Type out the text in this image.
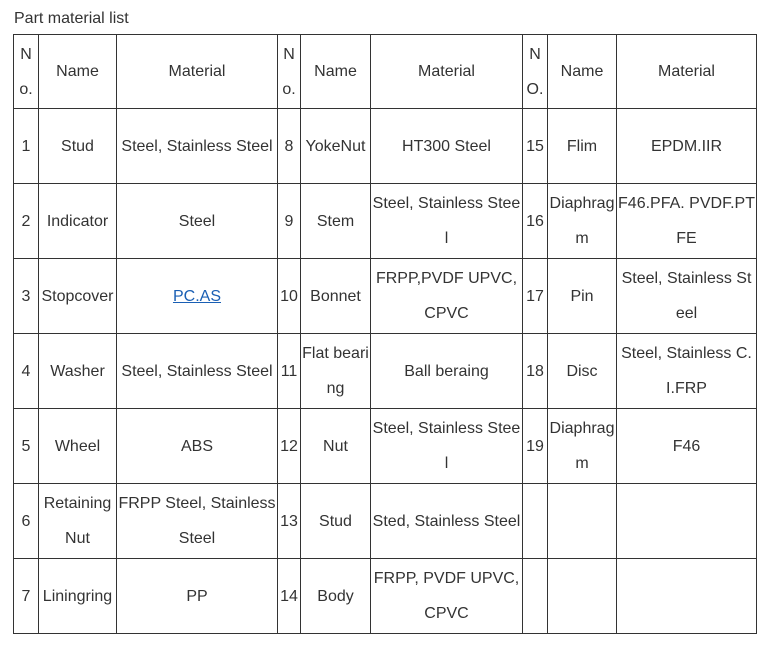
Part material list
No.	Name	Material	No.	Name	Material	NO.	Name	Material
1	Stud	Steel, Stainless Steel	8	YokeNut	HT300 Steel	15	Flim	EPDM.IIR
2	Indicator	Steel	9	Stem	Steel, Stainless Steel	16	Diaphragm	F46.PFA. PVDF.PTFE
3	Stopcover	PC.AS	10	Bonnet	FRPP,PVDF UPVC,CPVC	17	Pin	Steel, Stainless Steel
4	Washer	Steel, Stainless Steel	11	Flat bearing	Ball beraing	18	Disc	Steel, Stainless C.I.FRP
5	Wheel	ABS	12	Nut	Steel, Stainless Steel	19	Diaphragm	F46
6	Retaining Nut	FRPP Steel, Stainless Steel	13	Stud	Sted, Stainless Steel			
7	Liningring	PP	14	Body	FRPP, PVDF UPVC, CPVC			
